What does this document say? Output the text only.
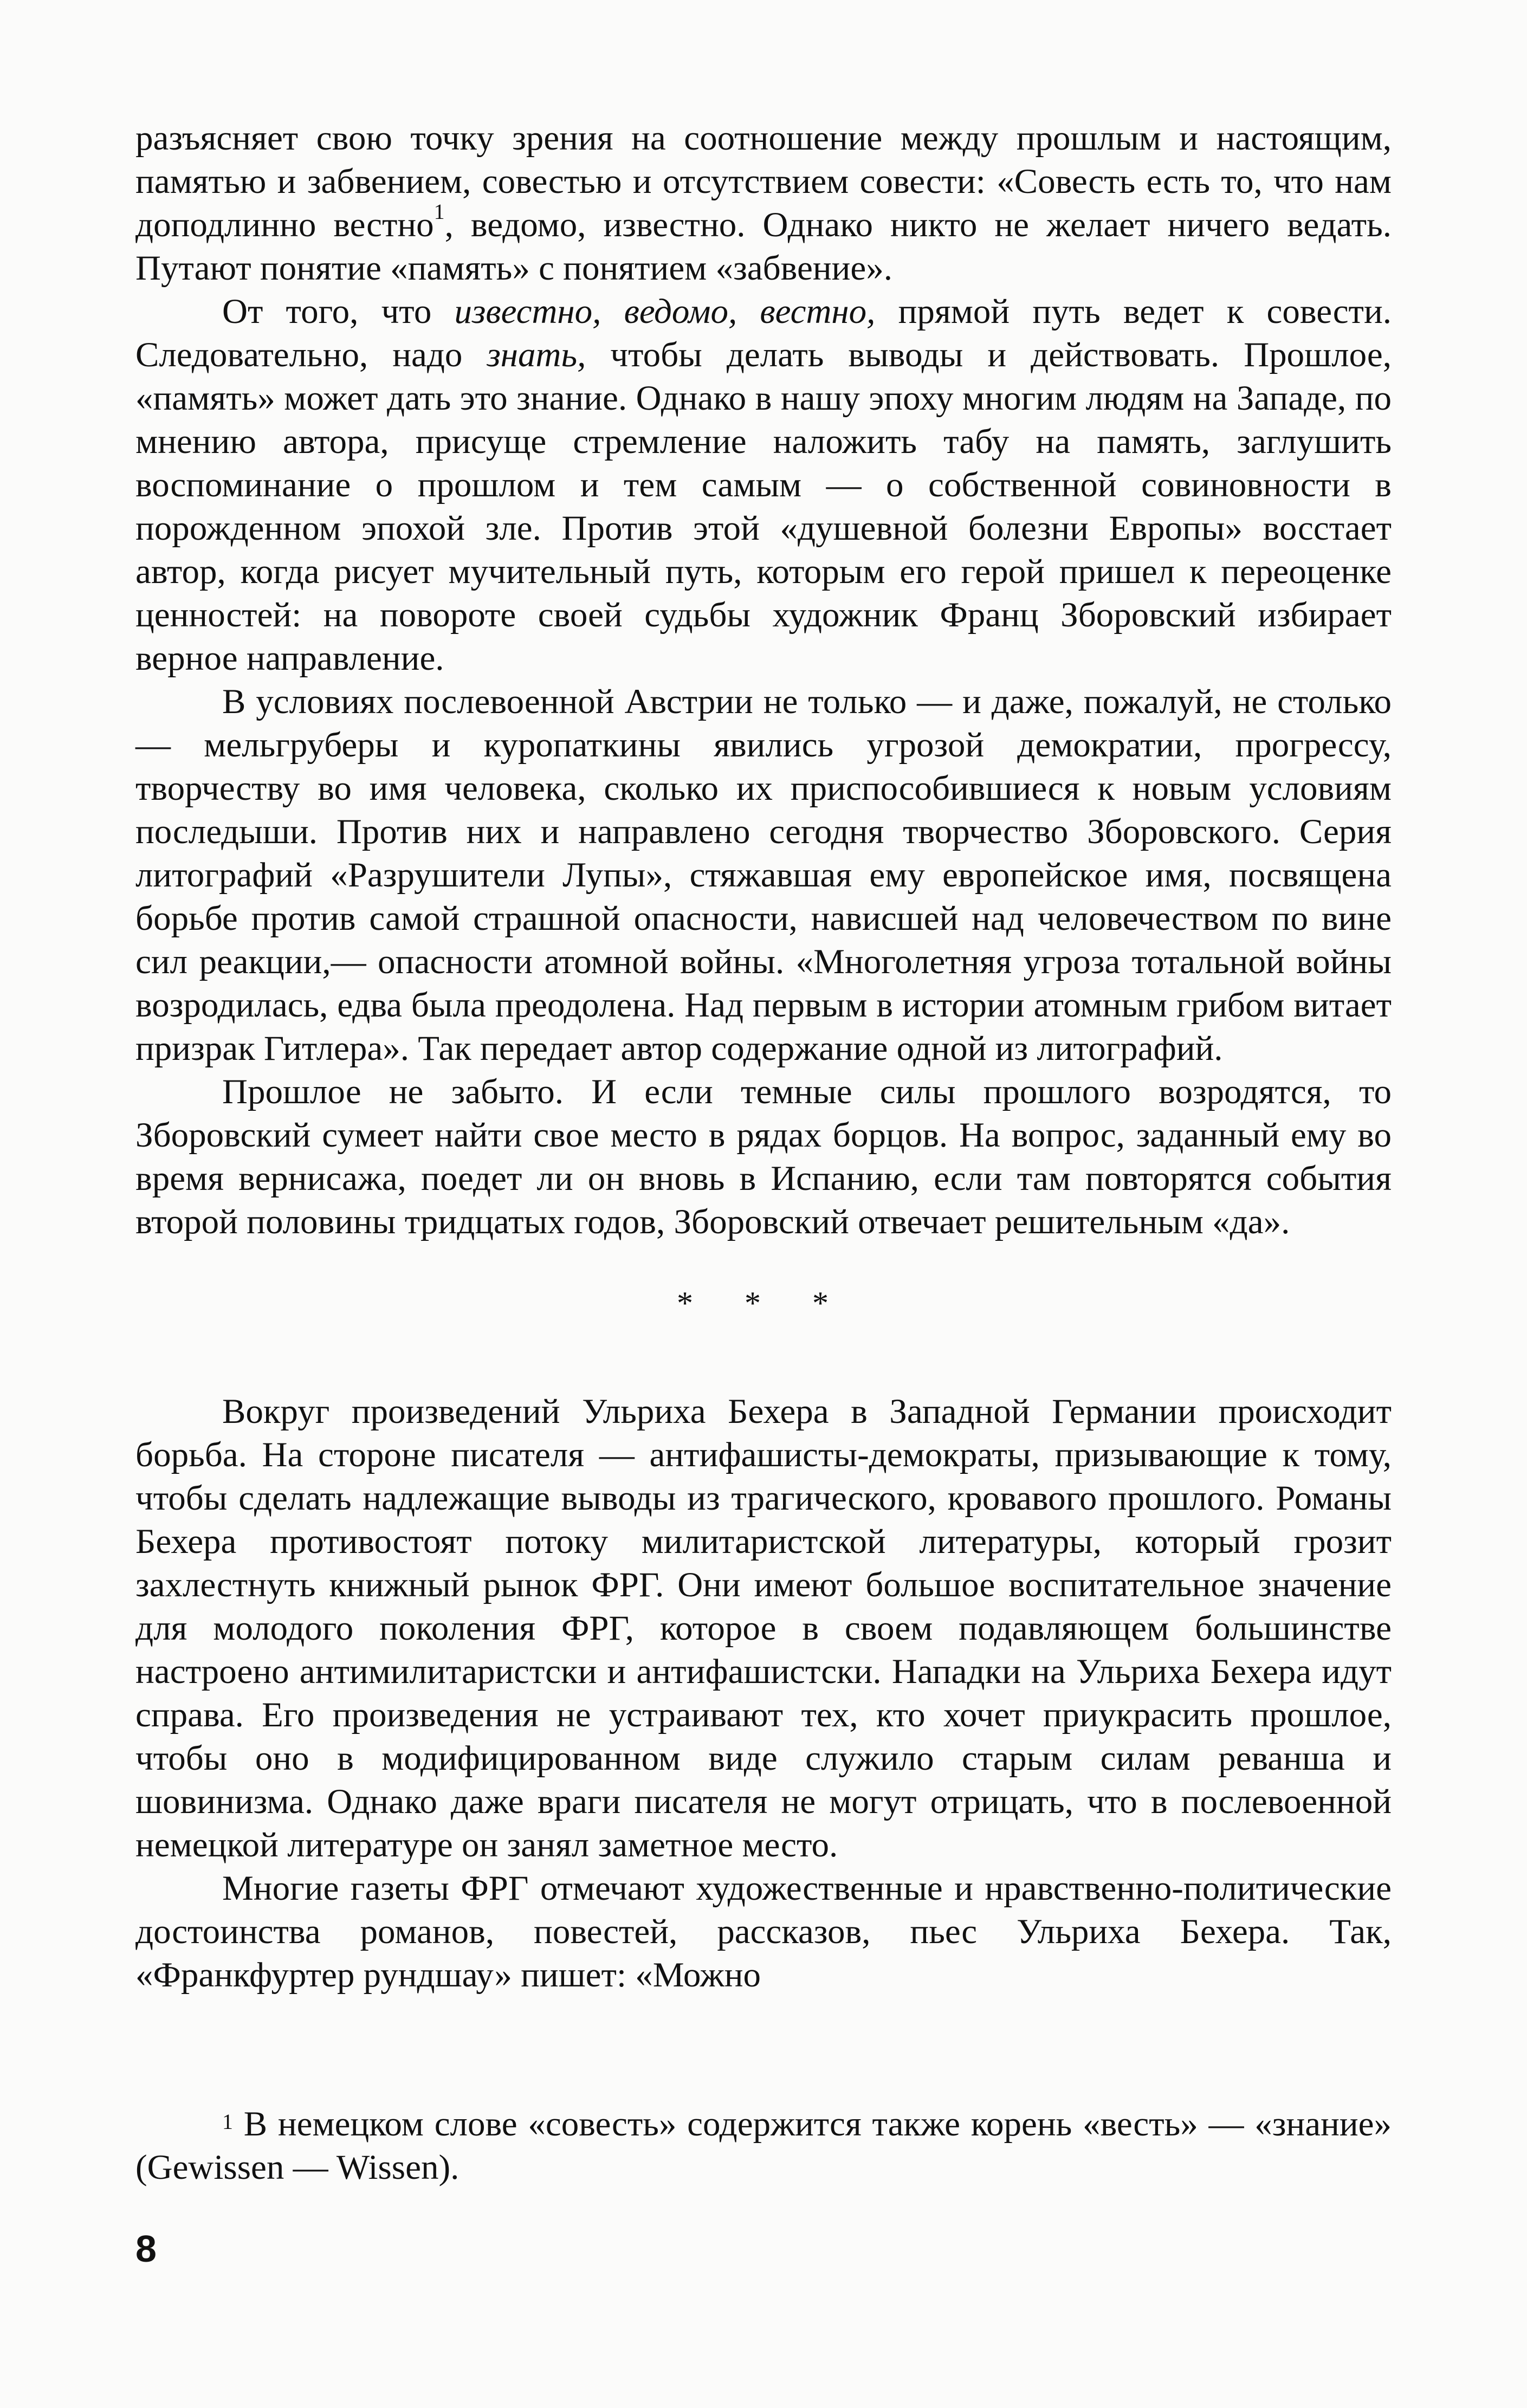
разъясняет свою точку зрения на соотношение между прошлым и настоящим, памятью и забвением, совестью и отсутствием совести: «Совесть есть то, что нам доподлинно вестно$^1$, ведомо, известно. Однако никто не желает ничего ведать. Путают понятие «память» с понятием «забвение».

От того, что известно, ведомо, вестно, прямой путь ведет к совести. Следовательно, надо знать, чтобы делать выводы и действовать. Прошлое, «память» может дать это знание. Однако в нашу эпоху многим людям на Западе, по мнению автора, присуще стремление наложить табу на память, заглушить воспоминание о прошлом и тем самым — о собственной совиновности в порожденном эпохой зле. Против этой «душевной болезни Европы» восстает автор, когда рисует мучительный путь, которым его герой пришел к переоценке ценностей: на повороте своей судьбы художник Франц Зборовский избирает верное направление.

В условиях послевоенной Австрии не только — и даже, пожалуй, не столько — мельгруберы и куропаткины явились угрозой демократии, прогрессу, творчеству во имя человека, сколько их приспособившиеся к новым условиям последыши. Против них и направлено сегодня творчество Зборовского. Серия литографий «Разрушители Лупы», стяжавшая ему европейское имя, посвящена борьбе против самой страшной опасности, нависшей над человечеством по вине сил реакции,— опасности атомной войны. «Многолетняя угроза тотальной войны возродилась, едва была преодолена. Над первым в истории атомным грибом витает призрак Гитлера». Так передает автор содержание одной из литографий.

Прошлое не забыто. И если темные силы прошлого возродятся, то Зборовский сумеет найти свое место в рядах борцов. На вопрос, заданный ему во время вернисажа, поедет ли он вновь в Испанию, если там повторятся события второй половины тридцатых годов, Зборовский отвечает решительным «да».

* * *

Вокруг произведений Ульриха Бехера в Западной Германии происходит борьба. На стороне писателя — антифашисты-демократы, призывающие к тому, чтобы сделать надлежащие выводы из трагического, кровавого прошлого. Романы Бехера противостоят потоку милитаристской литературы, который грозит захлестнуть книжный рынок ФРГ. Они имеют большое воспитательное значение для молодого поколения ФРГ, которое в своем подавляющем большинстве настроено антимилитаристски и антифашистски. Нападки на Ульриха Бехера идут справа. Его произведения не устраивают тех, кто хочет приукрасить прошлое, чтобы оно в модифицированном виде служило старым силам реванша и шовинизма. Однако даже враги писателя не могут отрицать, что в послевоенной немецкой литературе он занял заметное место.

Многие газеты ФРГ отмечают художественные и нравственно-политические достоинства романов, повестей, рассказов, пьес Ульриха Бехера. Так, «Франкфуртер рундшау» пишет: «Можно

$^1$ В немецком слове «совесть» содержится также корень «весть» — «знание» (Gewissen — Wissen).

8
